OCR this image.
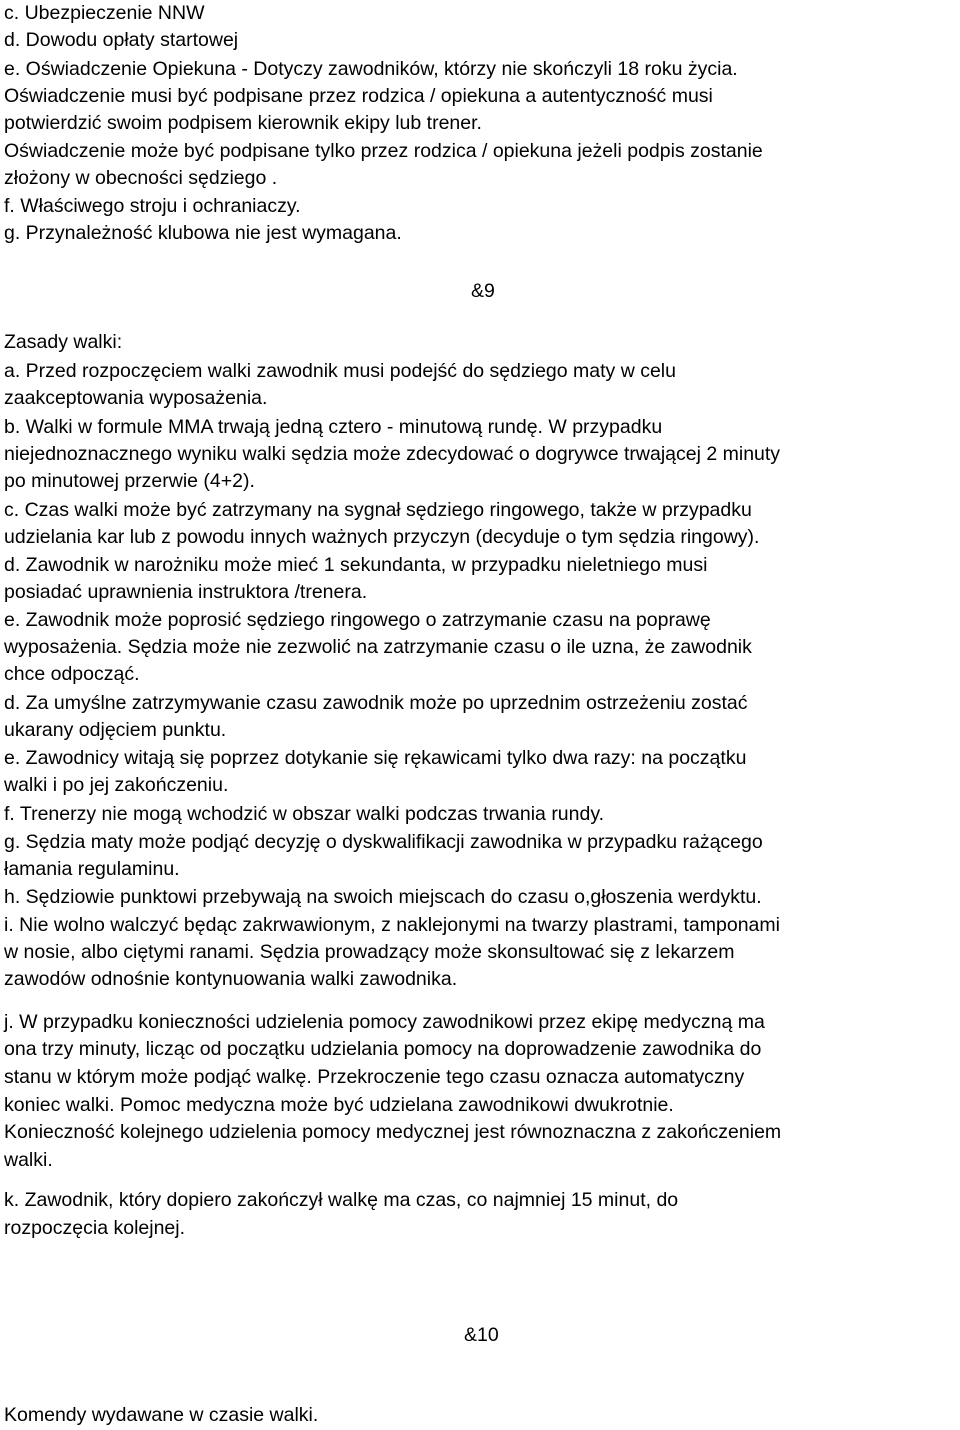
c. Ubezpieczenie NNW
d. Dowodu opłaty startowej
e. Oświadczenie Opiekuna - Dotyczy zawodników, którzy nie skończyli 18 roku życia.
Oświadczenie musi być podpisane przez rodzica / opiekuna a autentyczność musi
potwierdzić swoim podpisem kierownik ekipy lub trener.
Oświadczenie może być podpisane tylko przez rodzica / opiekuna jeżeli podpis zostanie
złożony w obecności sędziego .
f. Właściwego stroju i ochraniaczy.
g. Przynależność klubowa nie jest wymagana.
&9
Zasady walki:
a. Przed rozpoczęciem walki zawodnik musi podejść do sędziego maty w celu
zaakceptowania wyposażenia.
b. Walki w formule MMA trwają jedną cztero - minutową rundę. W przypadku
niejednoznacznego wyniku walki sędzia może zdecydować o dogrywce trwającej 2 minuty
po minutowej przerwie (4+2).
c. Czas walki może być zatrzymany na sygnał sędziego ringowego, także w przypadku
udzielania kar lub z powodu innych ważnych przyczyn (decyduje o tym sędzia ringowy).
d. Zawodnik w narożniku może mieć 1 sekundanta, w przypadku nieletniego musi
posiadać uprawnienia instruktora /trenera.
e. Zawodnik może poprosić sędziego ringowego o zatrzymanie czasu na poprawę
wyposażenia. Sędzia może nie zezwolić na zatrzymanie czasu o ile uzna, że zawodnik
chce odpocząć.
d. Za umyślne zatrzymywanie czasu zawodnik może po uprzednim ostrzeżeniu zostać
ukarany odjęciem punktu.
e. Zawodnicy witają się poprzez dotykanie się rękawicami tylko dwa razy: na początku
walki i po jej zakończeniu.
f. Trenerzy nie mogą wchodzić w obszar walki podczas trwania rundy.
g. Sędzia maty może podjąć decyzję o dyskwalifikacji zawodnika w przypadku rażącego
łamania regulaminu.
h. Sędziowie punktowi przebywają na swoich miejscach do czasu o,głoszenia werdyktu.
i. Nie wolno walczyć będąc zakrwawionym, z naklejonymi na twarzy plastrami, tamponami
w nosie, albo ciętymi ranami. Sędzia prowadzący może skonsultować się z lekarzem
zawodów odnośnie kontynuowania walki zawodnika.
j. W przypadku konieczności udzielenia pomocy zawodnikowi przez ekipę medyczną ma
ona trzy minuty, licząc od początku udzielania pomocy na doprowadzenie zawodnika do
stanu w którym może podjąć walkę. Przekroczenie tego czasu oznacza automatyczny
koniec walki. Pomoc medyczna może być udzielana zawodnikowi dwukrotnie.
Konieczność kolejnego udzielenia pomocy medycznej jest równoznaczna z zakończeniem
walki.
k. Zawodnik, który dopiero zakończył walkę ma czas, co najmniej 15 minut, do
rozpoczęcia kolejnej.
&10
Komendy wydawane w czasie walki.
